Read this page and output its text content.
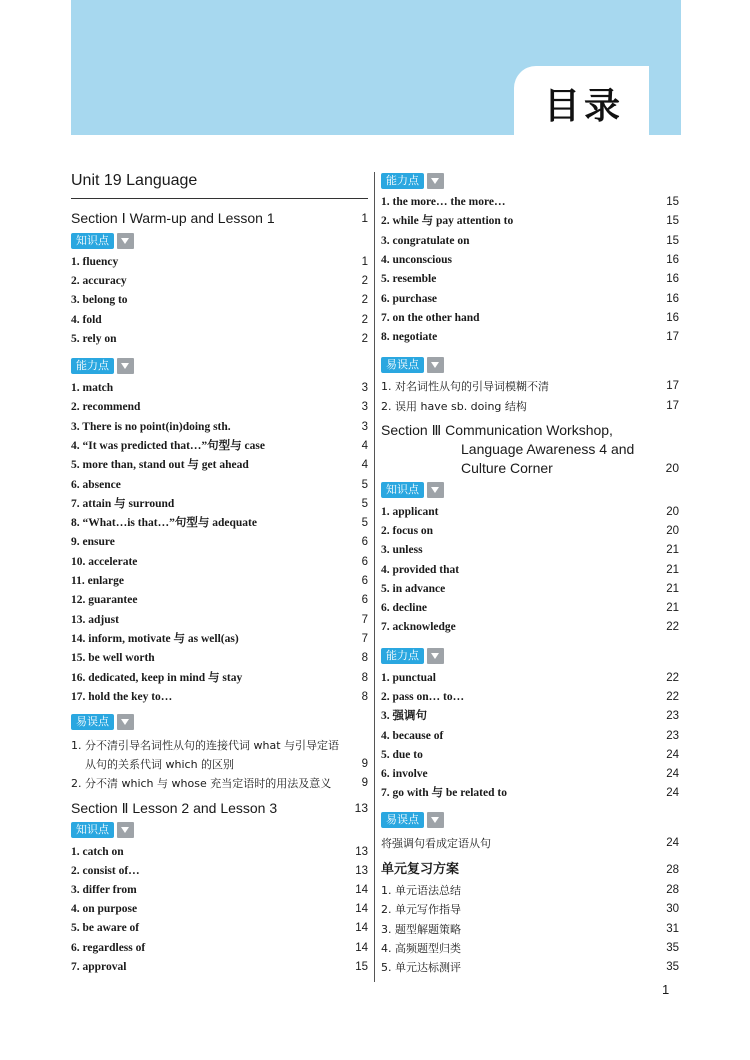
目录
Unit 19 Language
Section Ⅰ Warm-up and Lesson 1	1
知识点
1. fluency	1
2. accuracy	2
3. belong to	2
4. fold	2
5. rely on	2
能力点
1. match	3
2. recommend	3
3. There is no point(in)doing sth.	3
4. “It was predicted that…”句型与 case	4
5. more than, stand out 与 get ahead	4
6. absence	5
7. attain 与 surround	5
8. “What…is that…”句型与 adequate	5
9. ensure	6
10. accelerate	6
11. enlarge	6
12. guarantee	6
13. adjust	7
14. inform, motivate 与 as well(as)	7
15. be well worth	8
16. dedicated, keep in mind 与 stay	8
17. hold the key to…	8
易误点
1. 分不清引导名词性从句的连接代词 what 与引导定语
从句的关系代词 which 的区别	9
2. 分不清 which 与 whose 充当定语时的用法及意义	9
Section Ⅱ Lesson 2 and Lesson 3	13
知识点
1. catch on	13
2. consist of…	13
3. differ from	14
4. on purpose	14
5. be aware of	14
6. regardless of	14
7. approval	15
能力点
1. the more… the more…	15
2. while 与 pay attention to	15
3. congratulate on	15
4. unconscious	16
5. resemble	16
6. purchase	16
7. on the other hand	16
8. negotiate	17
易误点
1. 对名词性从句的引导词模糊不清	17
2. 误用 have sb. doing 结构	17
Section Ⅲ Communication Workshop,
Language Awareness 4 and
Culture Corner	20
知识点
1. applicant	20
2. focus on	20
3. unless	21
4. provided that	21
5. in advance	21
6. decline	21
7. acknowledge	22
能力点
1. punctual	22
2. pass on… to…	22
3. 强调句	23
4. because of	23
5. due to	24
6. involve	24
7. go with 与 be related to	24
易误点
将强调句看成定语从句	24
单元复习方案	28
1. 单元语法总结	28
2. 单元写作指导	30
3. 题型解题策略	31
4. 高频题型归类	35
5. 单元达标测评	35
1
